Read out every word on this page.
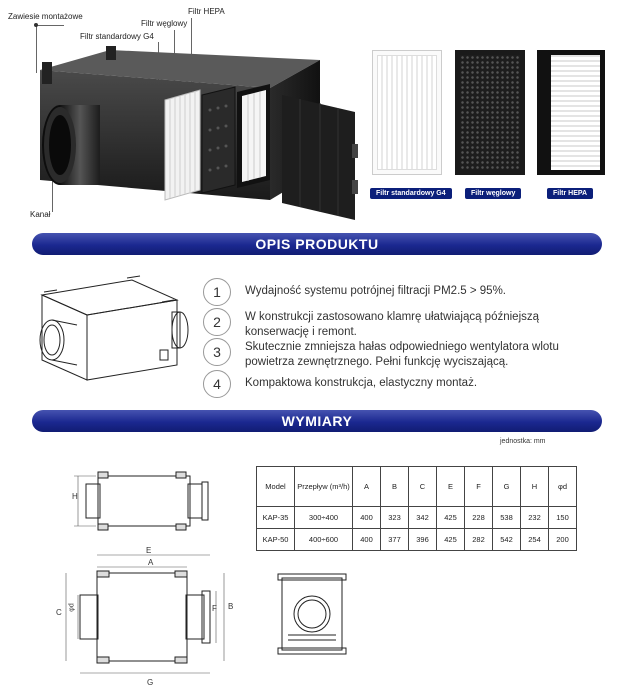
Zawiesie montażowe
Filtr HEPA
Filtr węglowy
Filtr standardowy G4
Kanał
Filtr standardowy G4	Filtr węglowy	Filtr HEPA
OPIS PRODUKTU
1	Wydajność systemu potrójnej filtracji PM2.5 > 95%.
2	W konstrukcji zastosowano klamrę ułatwiającą późniejszą konserwację i remont.
3	Skutecznie zmniejsza hałas odpowiedniego wentylatora wlotu powietrza zewnętrznego. Pełni funkcję wyciszającą.
4	Kompaktowa konstrukcja, elastyczny montaż.
WYMIARY
jednostka: mm
H
Model	Przepływ (m³/h)	A	B	C	E	F	G	H	φd
KAP-35	300÷400	400	323	342	425	228	538	232	150
KAP-50	400÷600	400	377	396	425	282	542	254	200
E
A
C
φd	F B
G
